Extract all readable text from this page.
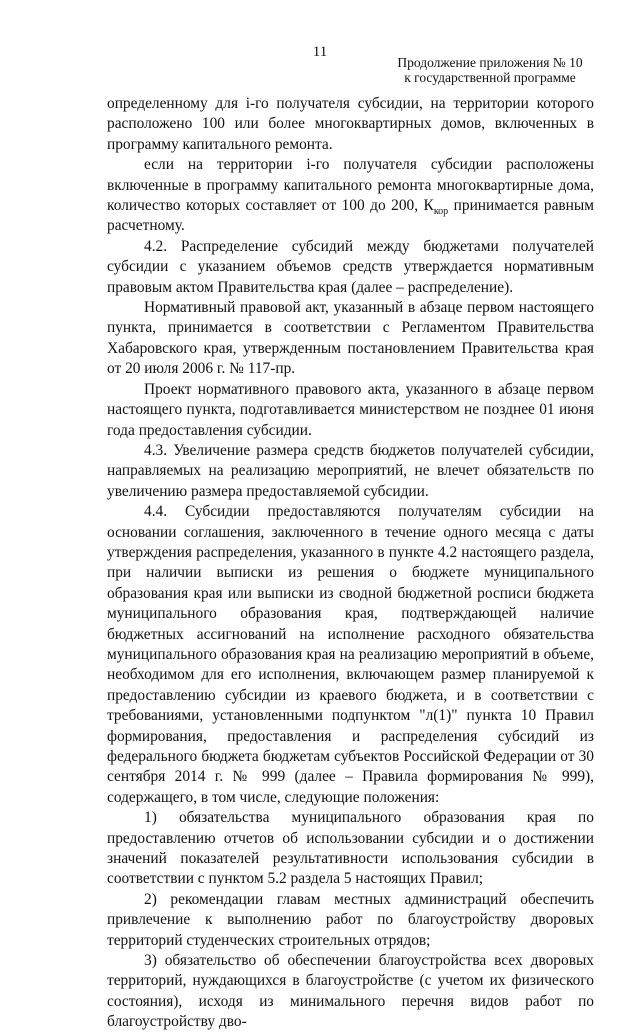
11
Продолжение приложения № 10
к государственной программе

определенному для i-го получателя субсидии, на территории которого расположено 100 или более многоквартирных домов, включенных в программу капитального ремонта.

если на территории i-го получателя субсидии расположены включенные в программу капитального ремонта многоквартирные дома, количество которых составляет от 100 до 200, $К_{кор}$ принимается равным расчетному.

4.2. Распределение субсидий между бюджетами получателей субсидии с указанием объемов средств утверждается нормативным правовым актом Правительства края (далее – распределение).

Нормативный правовой акт, указанный в абзаце первом настоящего пункта, принимается в соответствии с Регламентом Правительства Хабаровского края, утвержденным постановлением Правительства края от 20 июля 2006 г. № 117-пр.

Проект нормативного правового акта, указанного в абзаце первом настоящего пункта, подготавливается министерством не позднее 01 июня года предоставления субсидии.

4.3. Увеличение размера средств бюджетов получателей субсидии, направляемых на реализацию мероприятий, не влечет обязательств по увеличению размера предоставляемой субсидии.

4.4. Субсидии предоставляются получателям субсидии на основании соглашения, заключенного в течение одного месяца с даты утверждения распределения, указанного в пункте 4.2 настоящего раздела, при наличии выписки из решения о бюджете муниципального образования края или выписки из сводной бюджетной росписи бюджета муниципального образования края, подтверждающей наличие бюджетных ассигнований на исполнение расходного обязательства муниципального образования края на реализацию мероприятий в объеме, необходимом для его исполнения, включающем размер планируемой к предоставлению субсидии из краевого бюджета, и в соответствии с требованиями, установленными подпунктом "л(1)" пункта 10 Правил формирования, предоставления и распределения субсидий из федерального бюджета бюджетам субъектов Российской Федерации от 30 сентября 2014 г. № 999 (далее – Правила формирования № 999), содержащего, в том числе, следующие положения:

1) обязательства муниципального образования края по предоставлению отчетов об использовании субсидии и о достижении значений показателей результативности использования субсидии в соответствии с пунктом 5.2 раздела 5 настоящих Правил;

2) рекомендации главам местных администраций обеспечить привлечение к выполнению работ по благоустройству дворовых территорий студенческих строительных отрядов;

3) обязательство об обеспечении благоустройства всех дворовых территорий, нуждающихся в благоустройстве (с учетом их физического состояния), исходя из минимального перечня видов работ по благоустройству дво-
